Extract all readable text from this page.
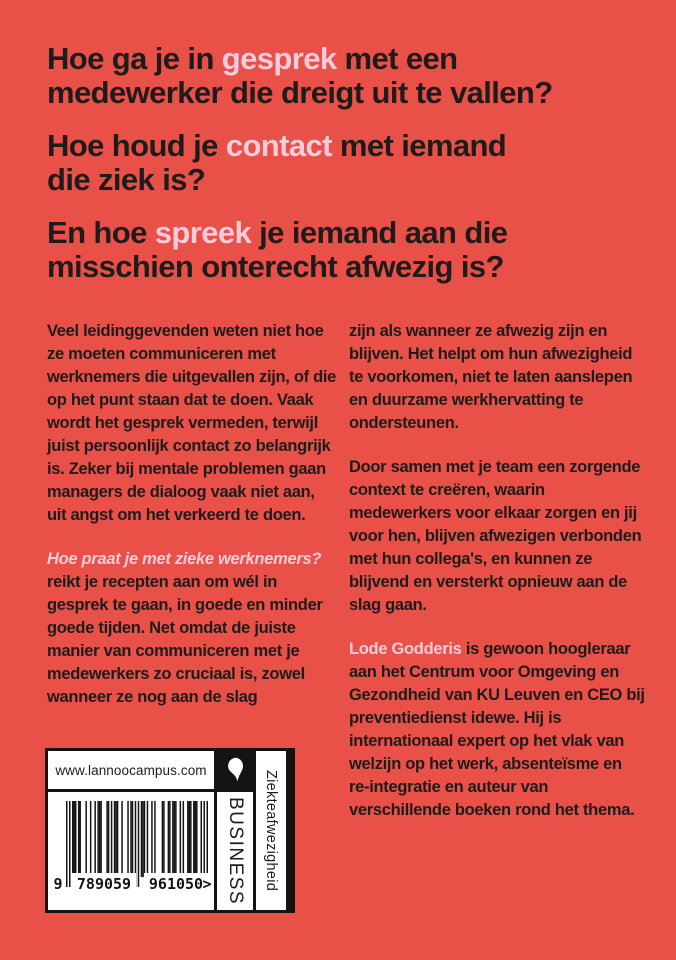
Hoe ga je in gesprek met een
medewerker die dreigt uit te vallen?
Hoe houd je contact met iemand
die ziek is?
En hoe spreek je iemand aan die
misschien onterecht afwezig is?

Veel leidinggevenden weten niet hoe ze moeten communiceren met werknemers die uitgevallen zijn, of die op het punt staan dat te doen. Vaak wordt het gesprek vermeden, terwijl juist persoonlijk contact zo belangrijk is. Zeker bij mentale problemen gaan managers de dialoog vaak niet aan, uit angst om het verkeerd te doen.

Hoe praat je met zieke werknemers? reikt je recepten aan om wél in gesprek te gaan, in goede en minder goede tijden. Net omdat de juiste manier van communiceren met je medewerkers zo cruciaal is, zowel wanneer ze nog aan de slag

zijn als wanneer ze afwezig zijn en blijven. Het helpt om hun afwezigheid te voorkomen, niet te laten aanslepen en duurzame werkhervatting te ondersteunen.

Door samen met je team een zorgende context te creëren, waarin medewerkers voor elkaar zorgen en jij voor hen, blijven afwezigen verbonden met hun collega's, en kunnen ze blijvend en versterkt opnieuw aan de slag gaan.

Lode Godderis is gewoon hoogleraar aan het Centrum voor Omgeving en Gezondheid van KU Leuven en CEO bij preventiedienst idewe. Hij is internationaal expert op het vlak van welzijn op het werk, absenteïsme en re-integratie en auteur van verschillende boeken rond het thema.

www.lannoocampus.com
9 789059	961050 > BUSINESS Ziekteafwezigheid
